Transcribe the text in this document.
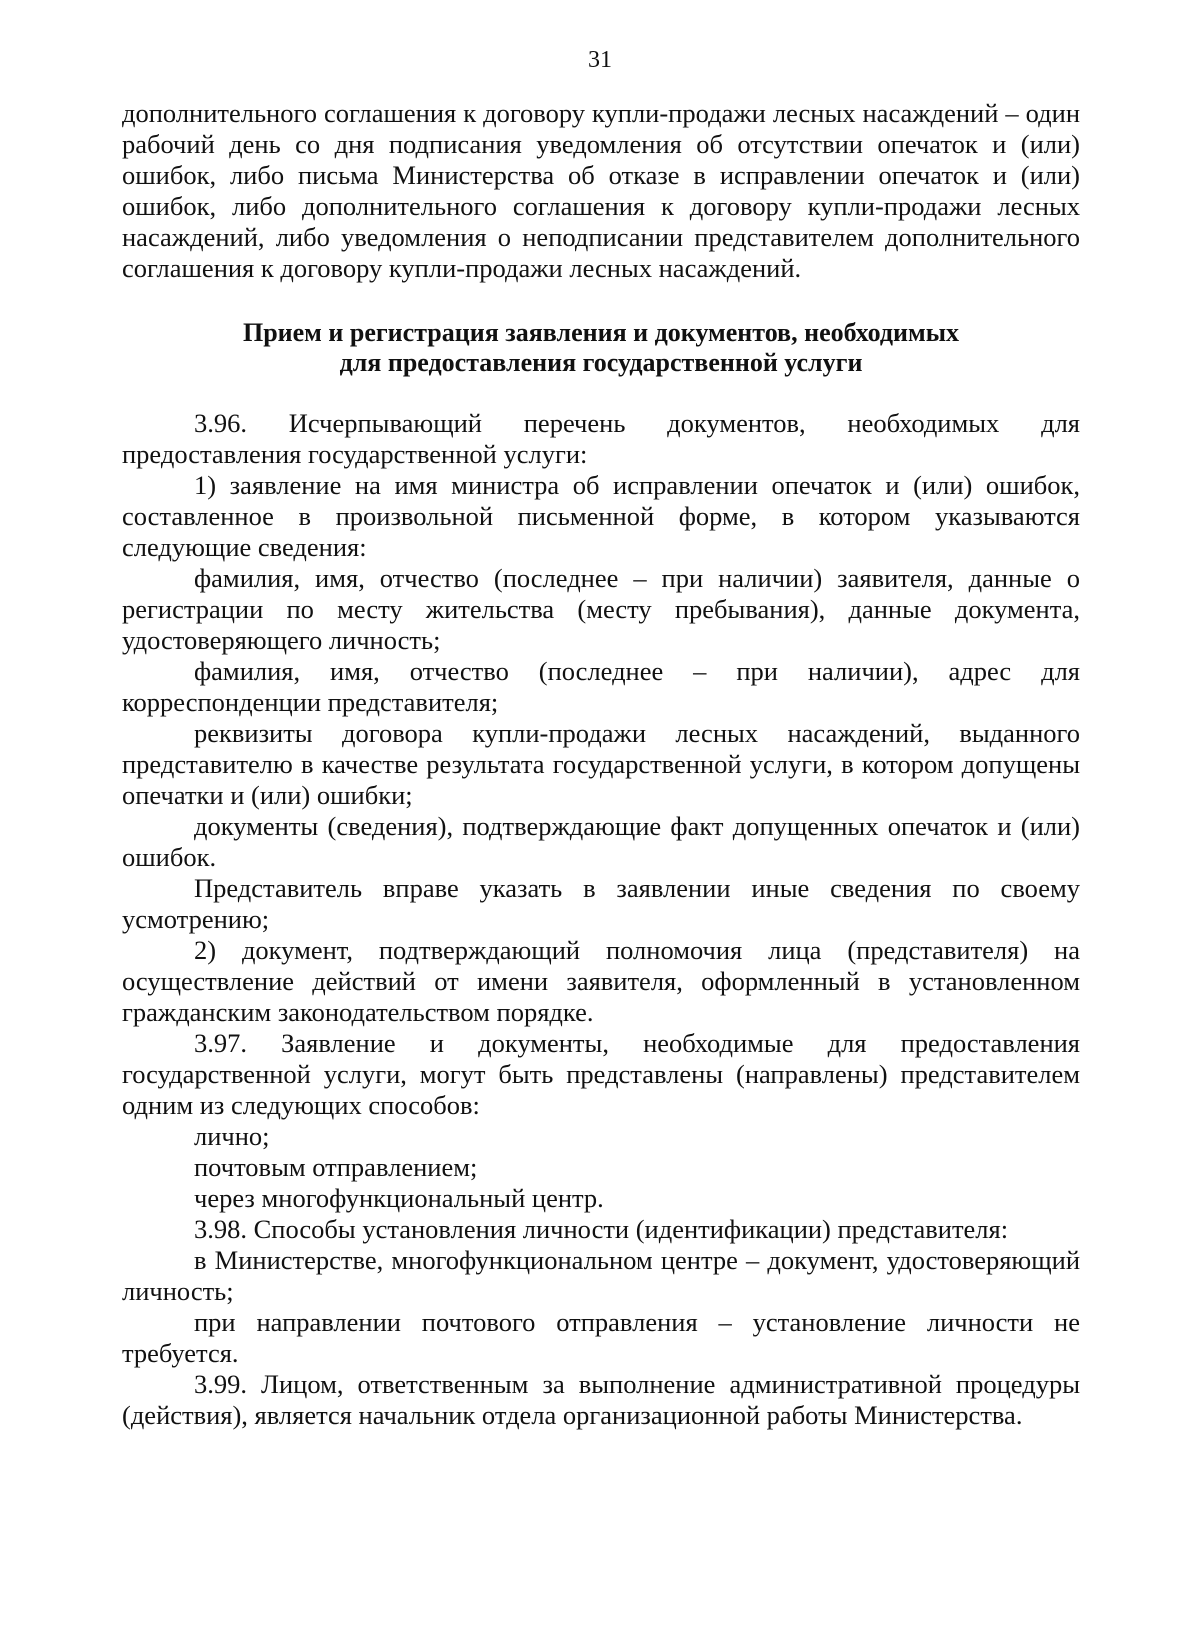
31

дополнительного соглашения к договору купли-продажи лесных насаждений – один рабочий день со дня подписания уведомления об отсутствии опечаток и (или) ошибок, либо письма Министерства об отказе в исправлении опечаток и (или) ошибок, либо дополнительного соглашения к договору купли-продажи лесных насаждений, либо уведомления о неподписании представителем дополнительного соглашения к договору купли-продажи лесных насаждений.

Прием и регистрация заявления и документов, необходимых
для предоставления государственной услуги

3.96. Исчерпывающий перечень документов, необходимых для предоставления государственной услуги:

1) заявление на имя министра об исправлении опечаток и (или) ошибок, составленное в произвольной письменной форме, в котором указываются следующие сведения:

фамилия, имя, отчество (последнее – при наличии) заявителя, данные о регистрации по месту жительства (месту пребывания), данные документа, удостоверяющего личность;

фамилия, имя, отчество (последнее – при наличии), адрес для корреспонденции представителя;

реквизиты договора купли-продажи лесных насаждений, выданного представителю в качестве результата государственной услуги, в котором допущены опечатки и (или) ошибки;

документы (сведения), подтверждающие факт допущенных опечаток и (или) ошибок.

Представитель вправе указать в заявлении иные сведения по своему усмотрению;

2) документ, подтверждающий полномочия лица (представителя) на осуществление действий от имени заявителя, оформленный в установленном гражданским законодательством порядке.

3.97. Заявление и документы, необходимые для предоставления государственной услуги, могут быть представлены (направлены) представителем одним из следующих способов:

лично;

почтовым отправлением;

через многофункциональный центр.

3.98. Способы установления личности (идентификации) представителя:

в Министерстве, многофункциональном центре – документ, удостоверяющий личность;

при направлении почтового отправления – установление личности не требуется.

3.99. Лицом, ответственным за выполнение административной процедуры (действия), является начальник отдела организационной работы Министерства.
